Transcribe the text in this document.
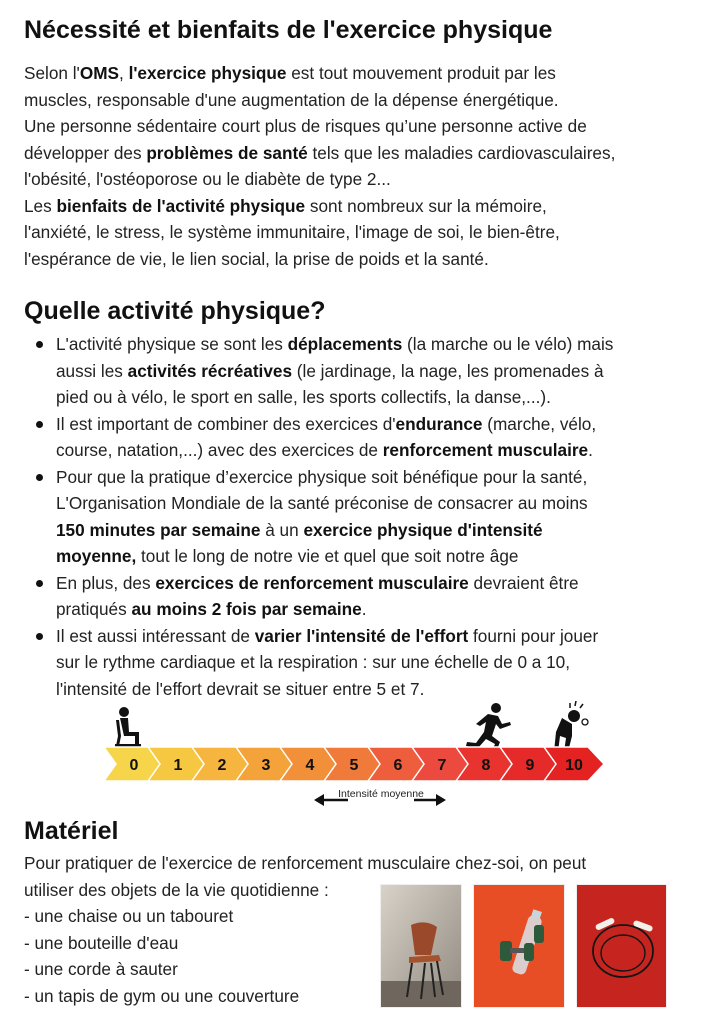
Nécessité et bienfaits de l'exercice physique

Selon l'OMS, l'exercice physique est tout mouvement produit par les
muscles, responsable d'une augmentation de la dépense énergétique.
Une personne sédentaire court plus de risques qu’une personne active de
développer des problèmes de santé tels que les maladies cardiovasculaires,
l'obésité, l'ostéoporose ou le diabète de type 2...
Les bienfaits de l'activité physique sont nombreux sur la mémoire,
l'anxiété, le stress, le système immunitaire, l'image de soi, le bien-être,
l'espérance de vie, le lien social, la prise de poids et la santé.

Quelle activité physique?
L'activité physique se sont les déplacements (la marche ou le vélo) mais
aussi les activités récréatives (le jardinage, la nage, les promenades à
pied ou à vélo, le sport en salle, les sports collectifs, la danse,...).
Il est important de combiner des exercices d'endurance (marche, vélo,
course, natation,...) avec des exercices de renforcement musculaire.
Pour que la pratique d’exercice physique soit bénéfique pour la santé,
L'Organisation Mondiale de la santé préconise de consacrer au moins
150 minutes par semaine à un exercice physique d'intensité
moyenne, tout le long de notre vie et quel que soit notre âge
En plus, des exercices de renforcement musculaire devraient être
pratiqués au moins 2 fois par semaine.
Il est aussi intéressant de varier l'intensité de l'effort fourni pour jouer
sur le rythme cardiaque et la respiration : sur une échelle de 0 a 10,
l'intensité de l'effort devrait se situer entre 5 et 7.
0 1 2 3 4 5 6 7 8 9 10
Intensité moyenne
Matériel

Pour pratiquer de l'exercice de renforcement musculaire chez-soi, on peut
utiliser des objets de la vie quotidienne :

- une chaise ou un tabouret
- une bouteille d'eau
- une corde à sauter
- un tapis de gym ou une couverture
